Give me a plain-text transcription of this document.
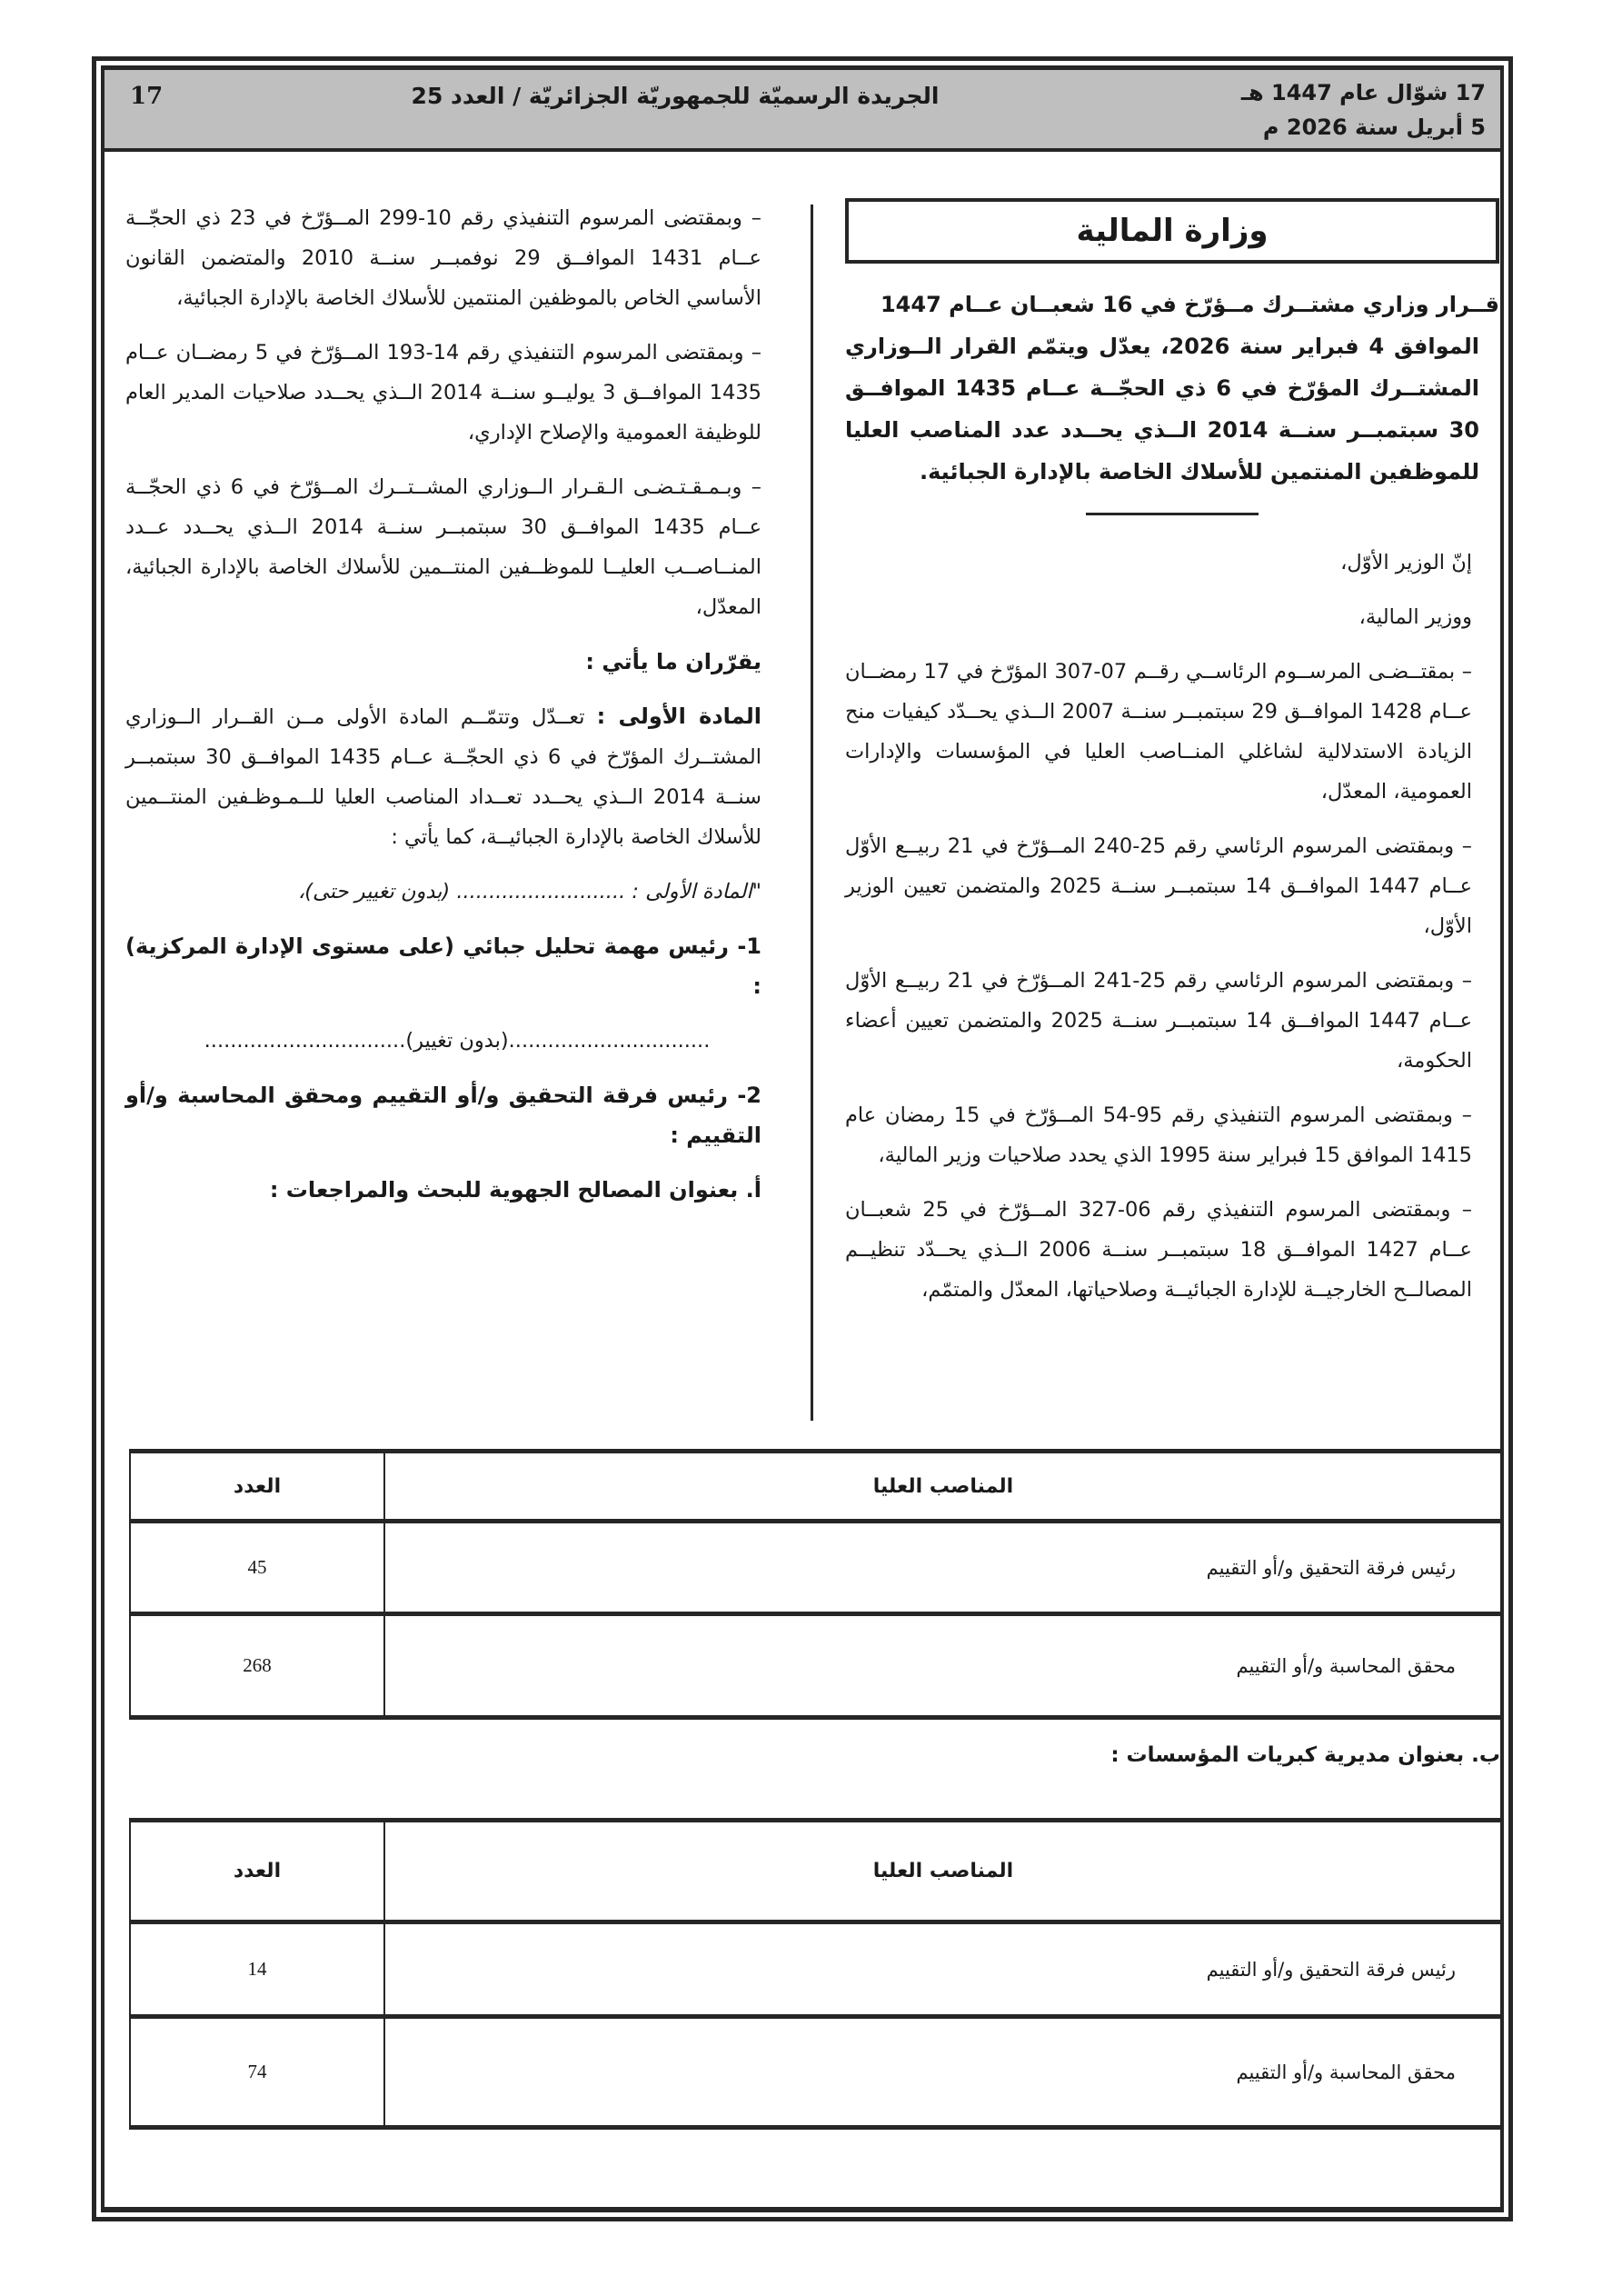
17	الجريدة الرسميّة للجمهوريّة الجزائريّة / العدد 25	17 شوّال عام 1447 هـ
5 أبريل سنة 2026 م
وزارة المالية
قــرار وزاري مشتــرك مــؤرّخ في 16 شعبــان عــام 1447
الموافق 4 فبراير سنة 2026، يعدّل ويتمّم القرار الــوزاري المشتــرك المؤرّخ في 6 ذي الحجّــة عــام 1435 الموافــق 30 سبتمبــر سنــة 2014 الــذي يحــدد عدد المناصب العليا للموظفين المنتمين للأسلاك الخاصة بالإدارة الجبائية.

إنّ الوزير الأوّل،

ووزير المالية،

– بمقتــضـى المرســوم الرئاســي رقــم 07-307 المؤرّخ في 17 رمضــان عــام 1428 الموافــق 29 سبتمبــر سنــة 2007 الــذي يحــدّد كيفيات منح الزيادة الاستدلالية لشاغلي المنــاصب العليا في المؤسسات والإدارات العمومية، المعدّل،

– وبمقتضى المرسوم الرئاسي رقم 25-240 المــؤرّخ في 21 ربيــع الأوّل عــام 1447 الموافــق 14 سبتمبــر سنــة 2025 والمتضمن تعيين الوزير الأوّل،

– وبمقتضى المرسوم الرئاسي رقم 25-241 المــؤرّخ في 21 ربيــع الأوّل عــام 1447 الموافــق 14 سبتمبــر سنــة 2025 والمتضمن تعيين أعضاء الحكومة،

– وبمقتضى المرسوم التنفيذي رقم 95-54 المــؤرّخ في 15 رمضان عام 1415 الموافق 15 فبراير سنة 1995 الذي يحدد صلاحيات وزير المالية،

– وبمقتضى المرسوم التنفيذي رقم 06-327 المــؤرّخ في 25 شعبــان عــام 1427 الموافــق 18 سبتمبــر سنــة 2006 الــذي يحــدّد تنظيــم المصالــح الخارجيــة للإدارة الجبائيــة وصلاحياتها، المعدّل والمتمّم،

– وبمقتضى المرسوم التنفيذي رقم 10-299 المــؤرّخ في 23 ذي الحجّــة عــام 1431 الموافــق 29 نوفمبــر سنــة 2010 والمتضمن القانون الأساسي الخاص بالموظفين المنتمين للأسلاك الخاصة بالإدارة الجبائية،

– وبمقتضى المرسوم التنفيذي رقم 14-193 المــؤرّخ في 5 رمضــان عــام 1435 الموافــق 3 يوليــو سنــة 2014 الــذي يحــدد صلاحيات المدير العام للوظيفة العمومية والإصلاح الإداري،

– وبـمـقـتـضـى الـقـرار الــوزاري المشــتــرك المــؤرّخ في 6 ذي الحجّــة عــام 1435 الموافــق 30 سبتمبــر سنــة 2014 الــذي يحــدد عــدد المنــاصــب العليــا للموظــفين المنتــمين للأسلاك الخاصة بالإدارة الجبائية، المعدّل،

يقرّران ما يأتي :

المادة الأولى : تعــدّل وتتمّــم المادة الأولى مــن القــرار الــوزاري المشتــرك المؤرّخ في 6 ذي الحجّــة عــام 1435 الموافــق 30 سبتمبــر سنــة 2014 الــذي يحــدد تعــداد المناصب العليا للــمـوظـفين المنتــمين للأسلاك الخاصة بالإدارة الجبائيــة، كما يأتي :

"المادة الأولى : .......................... (بدون تغيير حتى)،

1- رئيس مهمة تحليل جبائي (على مستوى الإدارة المركزية) :

...............................(بدون تغيير)...............................

2- رئيس فرقة التحقيق و/أو التقييم ومحقق المحاسبة و/أو التقييم :

أ. بعنوان المصالح الجهوية للبحث والمراجعات :

المناصب العليا	العدد
رئيس فرقة التحقيق و/أو التقييم	45
محقق المحاسبة و/أو التقييم	268
ب. بعنوان مديرية كبريات المؤسسات :
المناصب العليا	العدد
رئيس فرقة التحقيق و/أو التقييم	14
محقق المحاسبة و/أو التقييم	74
